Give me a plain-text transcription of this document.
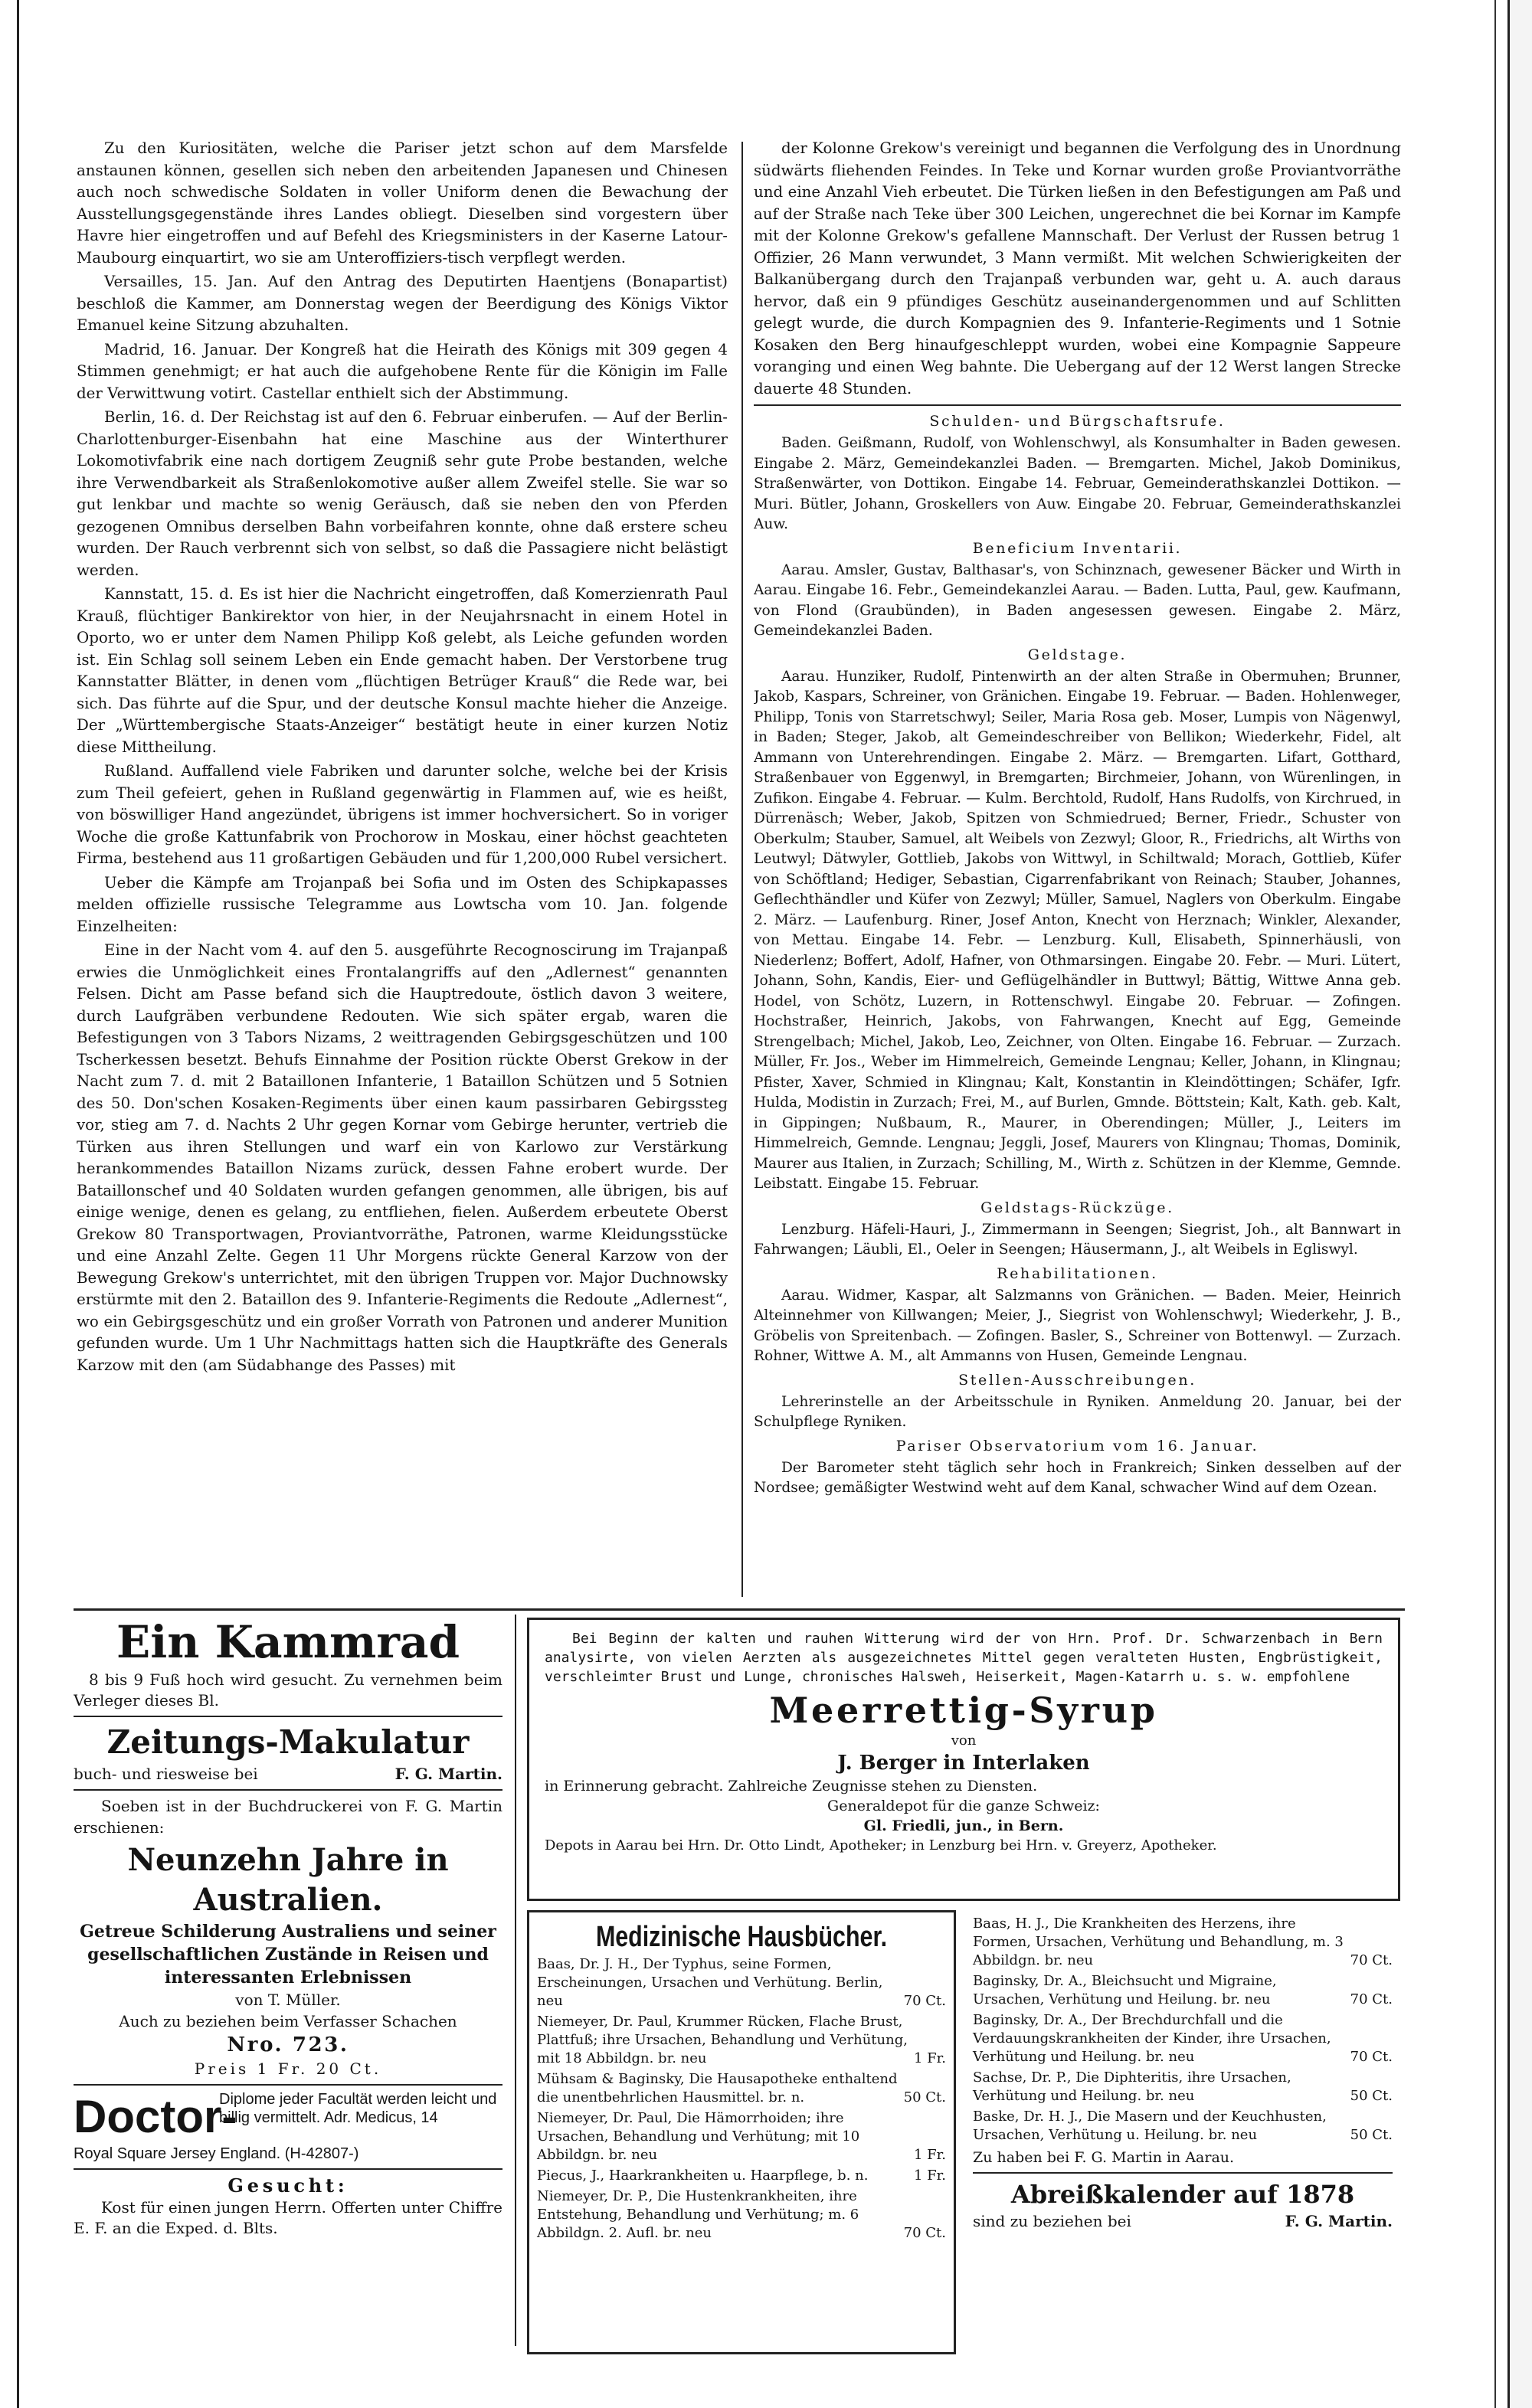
Zu den Kuriositäten, welche die Pariser jetzt schon auf dem Marsfelde anstaunen können, gesellen sich neben den arbeitenden Japanesen und Chinesen auch noch schwedische Soldaten in voller Uniform denen die Bewachung der Ausstellungsgegenstände ihres Landes obliegt. Dieselben sind vorgestern über Havre hier eingetroffen und auf Befehl des Kriegsministers in der Kaserne Latour-Maubourg einquartirt, wo sie am Unteroffiziers-tisch verpflegt werden.

Versailles, 15. Jan. Auf den Antrag des Deputirten Haentjens (Bonapartist) beschloß die Kammer, am Donnerstag wegen der Beerdigung des Königs Viktor Emanuel keine Sitzung abzuhalten.

Madrid, 16. Januar. Der Kongreß hat die Heirath des Königs mit 309 gegen 4 Stimmen genehmigt; er hat auch die aufgehobene Rente für die Königin im Falle der Verwittwung votirt. Castellar enthielt sich der Abstimmung.

Berlin, 16. d. Der Reichstag ist auf den 6. Februar einberufen. — Auf der Berlin-Charlottenburger-Eisenbahn hat eine Maschine aus der Winterthurer Lokomotivfabrik eine nach dortigem Zeugniß sehr gute Probe bestanden, welche ihre Verwendbarkeit als Straßenlokomotive außer allem Zweifel stelle. Sie war so gut lenkbar und machte so wenig Geräusch, daß sie neben den von Pferden gezogenen Omnibus derselben Bahn vorbeifahren konnte, ohne daß erstere scheu wurden. Der Rauch verbrennt sich von selbst, so daß die Passagiere nicht belästigt werden.

Kannstatt, 15. d. Es ist hier die Nachricht eingetroffen, daß Komerzienrath Paul Krauß, flüchtiger Bankirektor von hier, in der Neujahrsnacht in einem Hotel in Oporto, wo er unter dem Namen Philipp Koß gelebt, als Leiche gefunden worden ist. Ein Schlag soll seinem Leben ein Ende gemacht haben. Der Verstorbene trug Kannstatter Blätter, in denen vom „flüchtigen Betrüger Krauß“ die Rede war, bei sich. Das führte auf die Spur, und der deutsche Konsul machte hieher die Anzeige. Der „Württembergische Staats-Anzeiger“ bestätigt heute in einer kurzen Notiz diese Mittheilung.

Rußland. Auffallend viele Fabriken und darunter solche, welche bei der Krisis zum Theil gefeiert, gehen in Rußland gegenwärtig in Flammen auf, wie es heißt, von böswilliger Hand angezündet, übrigens ist immer hochversichert. So in voriger Woche die große Kattunfabrik von Prochorow in Moskau, einer höchst geachteten Firma, bestehend aus 11 großartigen Gebäuden und für 1,200,000 Rubel versichert.

Ueber die Kämpfe am Trojanpaß bei Sofia und im Osten des Schipkapasses melden offizielle russische Telegramme aus Lowtscha vom 10. Jan. folgende Einzelheiten:

Eine in der Nacht vom 4. auf den 5. ausgeführte Recognoscirung im Trajanpaß erwies die Unmöglichkeit eines Frontalangriffs auf den „Adlernest“ genannten Felsen. Dicht am Passe befand sich die Hauptredoute, östlich davon 3 weitere, durch Laufgräben verbundene Redouten. Wie sich später ergab, waren die Befestigungen von 3 Tabors Nizams, 2 weittragenden Gebirgsgeschützen und 100 Tscherkessen besetzt. Behufs Einnahme der Position rückte Oberst Grekow in der Nacht zum 7. d. mit 2 Bataillonen Infanterie, 1 Bataillon Schützen und 5 Sotnien des 50. Don'schen Kosaken-Regiments über einen kaum passirbaren Gebirgssteg vor, stieg am 7. d. Nachts 2 Uhr gegen Kornar vom Gebirge herunter, vertrieb die Türken aus ihren Stellungen und warf ein von Karlowo zur Verstärkung herankommendes Bataillon Nizams zurück, dessen Fahne erobert wurde. Der Bataillonschef und 40 Soldaten wurden gefangen genommen, alle übrigen, bis auf einige wenige, denen es gelang, zu entfliehen, fielen. Außerdem erbeutete Oberst Grekow 80 Transportwagen, Proviantvorräthe, Patronen, warme Kleidungsstücke und eine Anzahl Zelte. Gegen 11 Uhr Morgens rückte General Karzow von der Bewegung Grekow's unterrichtet, mit den übrigen Truppen vor. Major Duchnowsky erstürmte mit den 2. Bataillon des 9. Infanterie-Regiments die Redoute „Adlernest“, wo ein Gebirgsgeschütz und ein großer Vorrath von Patronen und anderer Munition gefunden wurde. Um 1 Uhr Nachmittags hatten sich die Hauptkräfte des Generals Karzow mit den (am Südabhange des Passes) mit

der Kolonne Grekow's vereinigt und begannen die Verfolgung des in Unordnung südwärts fliehenden Feindes. In Teke und Kornar wurden große Proviantvorräthe und eine Anzahl Vieh erbeutet. Die Türken ließen in den Befestigungen am Paß und auf der Straße nach Teke über 300 Leichen, ungerechnet die bei Kornar im Kampfe mit der Kolonne Grekow's gefallene Mannschaft. Der Verlust der Russen betrug 1 Offizier, 26 Mann verwundet, 3 Mann vermißt. Mit welchen Schwierigkeiten der Balkanübergang durch den Trajanpaß verbunden war, geht u. A. auch daraus hervor, daß ein 9 pfündiges Geschütz auseinandergenommen und auf Schlitten gelegt wurde, die durch Kompagnien des 9. Infanterie-Regiments und 1 Sotnie Kosaken den Berg hinaufgeschleppt wurden, wobei eine Kompagnie Sappeure voranging und einen Weg bahnte. Die Uebergang auf der 12 Werst langen Strecke dauerte 48 Stunden.

Schulden- und Bürgschaftsrufe.

Baden. Geißmann, Rudolf, von Wohlenschwyl, als Konsumhalter in Baden gewesen. Eingabe 2. März, Gemeindekanzlei Baden. — Bremgarten. Michel, Jakob Dominikus, Straßenwärter, von Dottikon. Eingabe 14. Februar, Gemeinderathskanzlei Dottikon. — Muri. Bütler, Johann, Groskellers von Auw. Eingabe 20. Februar, Gemeinderathskanzlei Auw.

Beneficium Inventarii.

Aarau. Amsler, Gustav, Balthasar's, von Schinznach, gewesener Bäcker und Wirth in Aarau. Eingabe 16. Febr., Gemeindekanzlei Aarau. — Baden. Lutta, Paul, gew. Kaufmann, von Flond (Graubünden), in Baden angesessen gewesen. Eingabe 2. März, Gemeindekanzlei Baden.

Geldstage.

Aarau. Hunziker, Rudolf, Pintenwirth an der alten Straße in Obermuhen; Brunner, Jakob, Kaspars, Schreiner, von Gränichen. Eingabe 19. Februar. — Baden. Hohlenweger, Philipp, Tonis von Starretschwyl; Seiler, Maria Rosa geb. Moser, Lumpis von Nägenwyl, in Baden; Steger, Jakob, alt Gemeindeschreiber von Bellikon; Wiederkehr, Fidel, alt Ammann von Unterehrendingen. Eingabe 2. März. — Bremgarten. Lifart, Gotthard, Straßenbauer von Eggenwyl, in Bremgarten; Birchmeier, Johann, von Würenlingen, in Zufikon. Eingabe 4. Februar. — Kulm. Berchtold, Rudolf, Hans Rudolfs, von Kirchrued, in Dürrenäsch; Weber, Jakob, Spitzen von Schmiedrued; Berner, Friedr., Schuster von Oberkulm; Stauber, Samuel, alt Weibels von Zezwyl; Gloor, R., Friedrichs, alt Wirths von Leutwyl; Dätwyler, Gottlieb, Jakobs von Wittwyl, in Schiltwald; Morach, Gottlieb, Küfer von Schöftland; Hediger, Sebastian, Cigarrenfabrikant von Reinach; Stauber, Johannes, Geflechthändler und Küfer von Zezwyl; Müller, Samuel, Naglers von Oberkulm. Eingabe 2. März. — Laufenburg. Riner, Josef Anton, Knecht von Herznach; Winkler, Alexander, von Mettau. Eingabe 14. Febr. — Lenzburg. Kull, Elisabeth, Spinnerhäusli, von Niederlenz; Boffert, Adolf, Hafner, von Othmarsingen. Eingabe 20. Febr. — Muri. Lütert, Johann, Sohn, Kandis, Eier- und Geflügelhändler in Buttwyl; Bättig, Wittwe Anna geb. Hodel, von Schötz, Luzern, in Rottenschwyl. Eingabe 20. Februar. — Zofingen. Hochstraßer, Heinrich, Jakobs, von Fahrwangen, Knecht auf Egg, Gemeinde Strengelbach; Michel, Jakob, Leo, Zeichner, von Olten. Eingabe 16. Februar. — Zurzach. Müller, Fr. Jos., Weber im Himmelreich, Gemeinde Lengnau; Keller, Johann, in Klingnau; Pfister, Xaver, Schmied in Klingnau; Kalt, Konstantin in Kleindöttingen; Schäfer, Igfr. Hulda, Modistin in Zurzach; Frei, M., auf Burlen, Gmnde. Böttstein; Kalt, Kath. geb. Kalt, in Gippingen; Nußbaum, R., Maurer, in Oberendingen; Müller, J., Leiters im Himmelreich, Gemnde. Lengnau; Jeggli, Josef, Maurers von Klingnau; Thomas, Dominik, Maurer aus Italien, in Zurzach; Schilling, M., Wirth z. Schützen in der Klemme, Gemnde. Leibstatt. Eingabe 15. Februar.

Geldstags-Rückzüge.

Lenzburg. Häfeli-Hauri, J., Zimmermann in Seengen; Siegrist, Joh., alt Bannwart in Fahrwangen; Läubli, El., Oeler in Seengen; Häusermann, J., alt Weibels in Egliswyl.

Rehabilitationen.

Aarau. Widmer, Kaspar, alt Salzmanns von Gränichen. — Baden. Meier, Heinrich Alteinnehmer von Killwangen; Meier, J., Siegrist von Wohlenschwyl; Wiederkehr, J. B., Gröbelis von Spreitenbach. — Zofingen. Basler, S., Schreiner von Bottenwyl. — Zurzach. Rohner, Wittwe A. M., alt Ammanns von Husen, Gemeinde Lengnau.

Stellen-Ausschreibungen.

Lehrerinstelle an der Arbeitsschule in Ryniken. Anmeldung 20. Januar, bei der Schulpflege Ryniken.

Pariser Observatorium vom 16. Januar.

Der Barometer steht täglich sehr hoch in Frankreich; Sinken desselben auf der Nordsee; gemäßigter Westwind weht auf dem Kanal, schwacher Wind auf dem Ozean.

Ein Kammrad

8 bis 9 Fuß hoch wird gesucht. Zu vernehmen beim Verleger dieses Bl.

Zeitungs-Makulatur
buch- und riesweise bei	F. G. Martin.

Soeben ist in der Buchdruckerei von F. G. Martin erschienen:

Neunzehn Jahre in Australien.
Getreue Schilderung Australiens und seiner gesellschaftlichen Zustände in Reisen und interessanten Erlebnissen
von T. Müller.
Auch zu beziehen beim Verfasser Schachen
Nro. 723.
Preis 1 Fr. 20 Ct.
Doctor-
Diplome jeder Facultät werden leicht und billig vermittelt. Adr. Medicus, 14
Royal Square Jersey England. (H-42807-)
Gesucht:

Kost für einen jungen Herrn. Offerten unter Chiffre E. F. an die Exped. d. Blts.

Bei Beginn der kalten und rauhen Witterung wird der von Hrn. Prof. Dr. Schwarzenbach in Bern analysirte, von vielen Aerzten als ausgezeichnetes Mittel gegen veralteten Husten, Engbrüstigkeit, verschleimter Brust und Lunge, chronisches Halsweh, Heiserkeit, Magen-Katarrh u. s. w. empfohlene

Meerrettig-Syrup
von
J. Berger in Interlaken
in Erinnerung gebracht. Zahlreiche Zeugnisse stehen zu Diensten.
Generaldepot für die ganze Schweiz:
Gl. Friedli, jun., in Bern.
Depots in Aarau bei Hrn. Dr. Otto Lindt, Apotheker; in Lenzburg bei Hrn. v. Greyerz, Apotheker.
Medizinische Hausbücher.
Baas, Dr. J. H., Der Typhus, seine Formen, Erscheinungen, Ursachen und Verhütung. Berlin, neu	70 Ct.
Niemeyer, Dr. Paul, Krummer Rücken, Flache Brust, Plattfuß; ihre Ursachen, Behandlung und Verhütung, mit 18 Abbildgn. br. neu	1 Fr.
Mühsam & Baginsky, Die Hausapotheke enthaltend die unentbehrlichen Hausmittel. br. n.	50 Ct.
Niemeyer, Dr. Paul, Die Hämorrhoiden; ihre Ursachen, Behandlung und Verhütung; mit 10 Abbildgn. br. neu	1 Fr.
Piecus, J., Haarkrankheiten u. Haarpflege, b. n.	1 Fr.
Niemeyer, Dr. P., Die Hustenkrankheiten, ihre Entstehung, Behandlung und Verhütung; m. 6 Abbildgn. 2. Aufl. br. neu	70 Ct.
Baas, H. J., Die Krankheiten des Herzens, ihre Formen, Ursachen, Verhütung und Behandlung, m. 3 Abbildgn. br. neu	70 Ct.
Baginsky, Dr. A., Bleichsucht und Migraine, Ursachen, Verhütung und Heilung. br. neu	70 Ct.
Baginsky, Dr. A., Der Brechdurchfall und die Verdauungskrankheiten der Kinder, ihre Ursachen, Verhütung und Heilung. br. neu	70 Ct.
Sachse, Dr. P., Die Diphteritis, ihre Ursachen, Verhütung und Heilung. br. neu	50 Ct.
Baske, Dr. H. J., Die Masern und der Keuchhusten, Ursachen, Verhütung u. Heilung. br. neu	50 Ct.
Zu haben bei F. G. Martin in Aarau.
Abreißkalender auf 1878
sind zu beziehen bei	F. G. Martin.
